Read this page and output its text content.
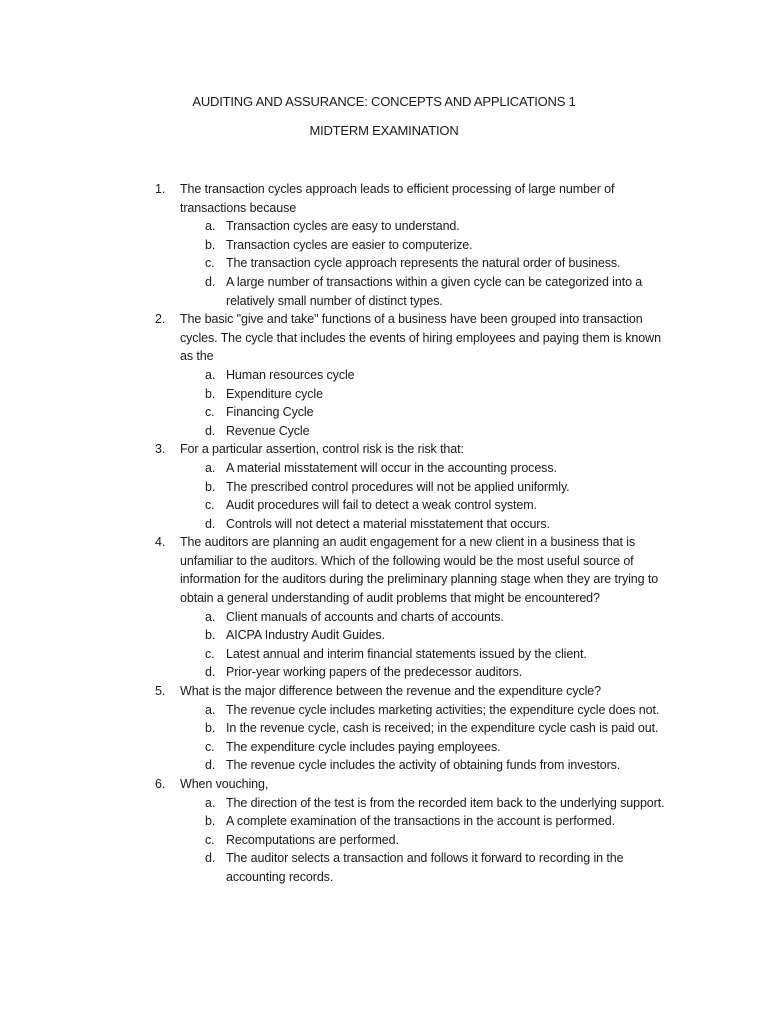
AUDITING AND ASSURANCE: CONCEPTS AND APPLICATIONS 1
MIDTERM EXAMINATION
1. The transaction cycles approach leads to efficient processing of large number of transactions because
a. Transaction cycles are easy to understand.
b. Transaction cycles are easier to computerize.
c. The transaction cycle approach represents the natural order of business.
d. A large number of transactions within a given cycle can be categorized into a relatively small number of distinct types.
2. The basic "give and take" functions of a business have been grouped into transaction cycles. The cycle that includes the events of hiring employees and paying them is known as the
a. Human resources cycle
b. Expenditure cycle
c. Financing Cycle
d. Revenue Cycle
3. For a particular assertion, control risk is the risk that:
a. A material misstatement will occur in the accounting process.
b. The prescribed control procedures will not be applied uniformly.
c. Audit procedures will fail to detect a weak control system.
d. Controls will not detect a material misstatement that occurs.
4. The auditors are planning an audit engagement for a new client in a business that is unfamiliar to the auditors. Which of the following would be the most useful source of information for the auditors during the preliminary planning stage when they are trying to obtain a general understanding of audit problems that might be encountered?
a. Client manuals of accounts and charts of accounts.
b. AICPA Industry Audit Guides.
c. Latest annual and interim financial statements issued by the client.
d. Prior-year working papers of the predecessor auditors.
5. What is the major difference between the revenue and the expenditure cycle?
a. The revenue cycle includes marketing activities; the expenditure cycle does not.
b. In the revenue cycle, cash is received; in the expenditure cycle cash is paid out.
c. The expenditure cycle includes paying employees.
d. The revenue cycle includes the activity of obtaining funds from investors.
6. When vouching,
a. The direction of the test is from the recorded item back to the underlying support.
b. A complete examination of the transactions in the account is performed.
c. Recomputations are performed.
d. The auditor selects a transaction and follows it forward to recording in the accounting records.
